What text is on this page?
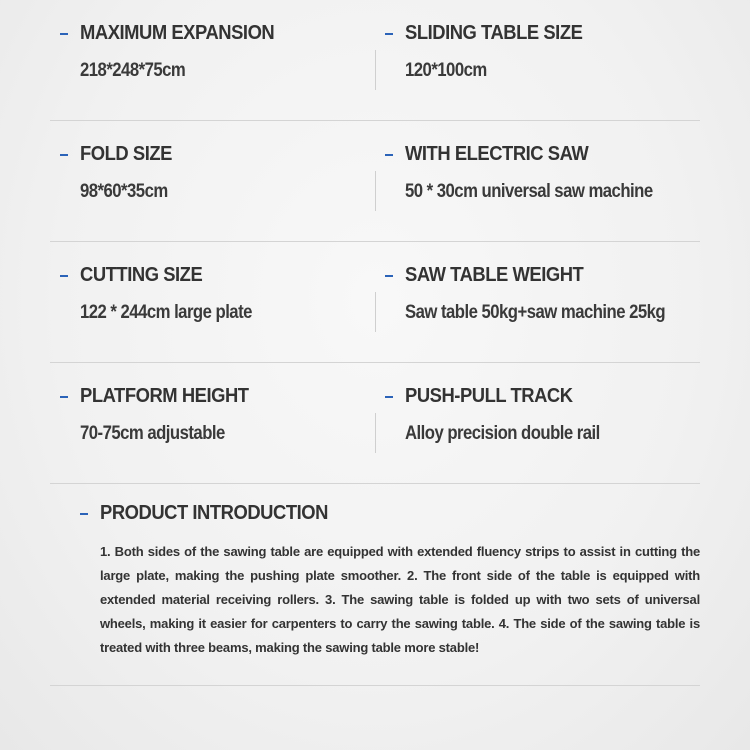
MAXIMUM EXPANSION
218*248*75cm
SLIDING TABLE SIZE
120*100cm
FOLD SIZE
98*60*35cm
WITH ELECTRIC SAW
50 * 30cm universal saw machine
CUTTING SIZE
122 * 244cm large plate
SAW TABLE WEIGHT
Saw table 50kg+saw machine 25kg
PLATFORM HEIGHT
70-75cm adjustable
PUSH-PULL TRACK
Alloy precision double rail
PRODUCT INTRODUCTION
1. Both sides of the sawing table are equipped with extended fluency strips to assist in cutting the large plate, making the pushing plate smoother. 2. The front side of the table is equipped with extended material receiving rollers. 3. The sawing table is folded up with two sets of universal wheels, making it easier for carpenters to carry the sawing table. 4. The side of the sawing table is treated with three beams, making the sawing table more stable!
